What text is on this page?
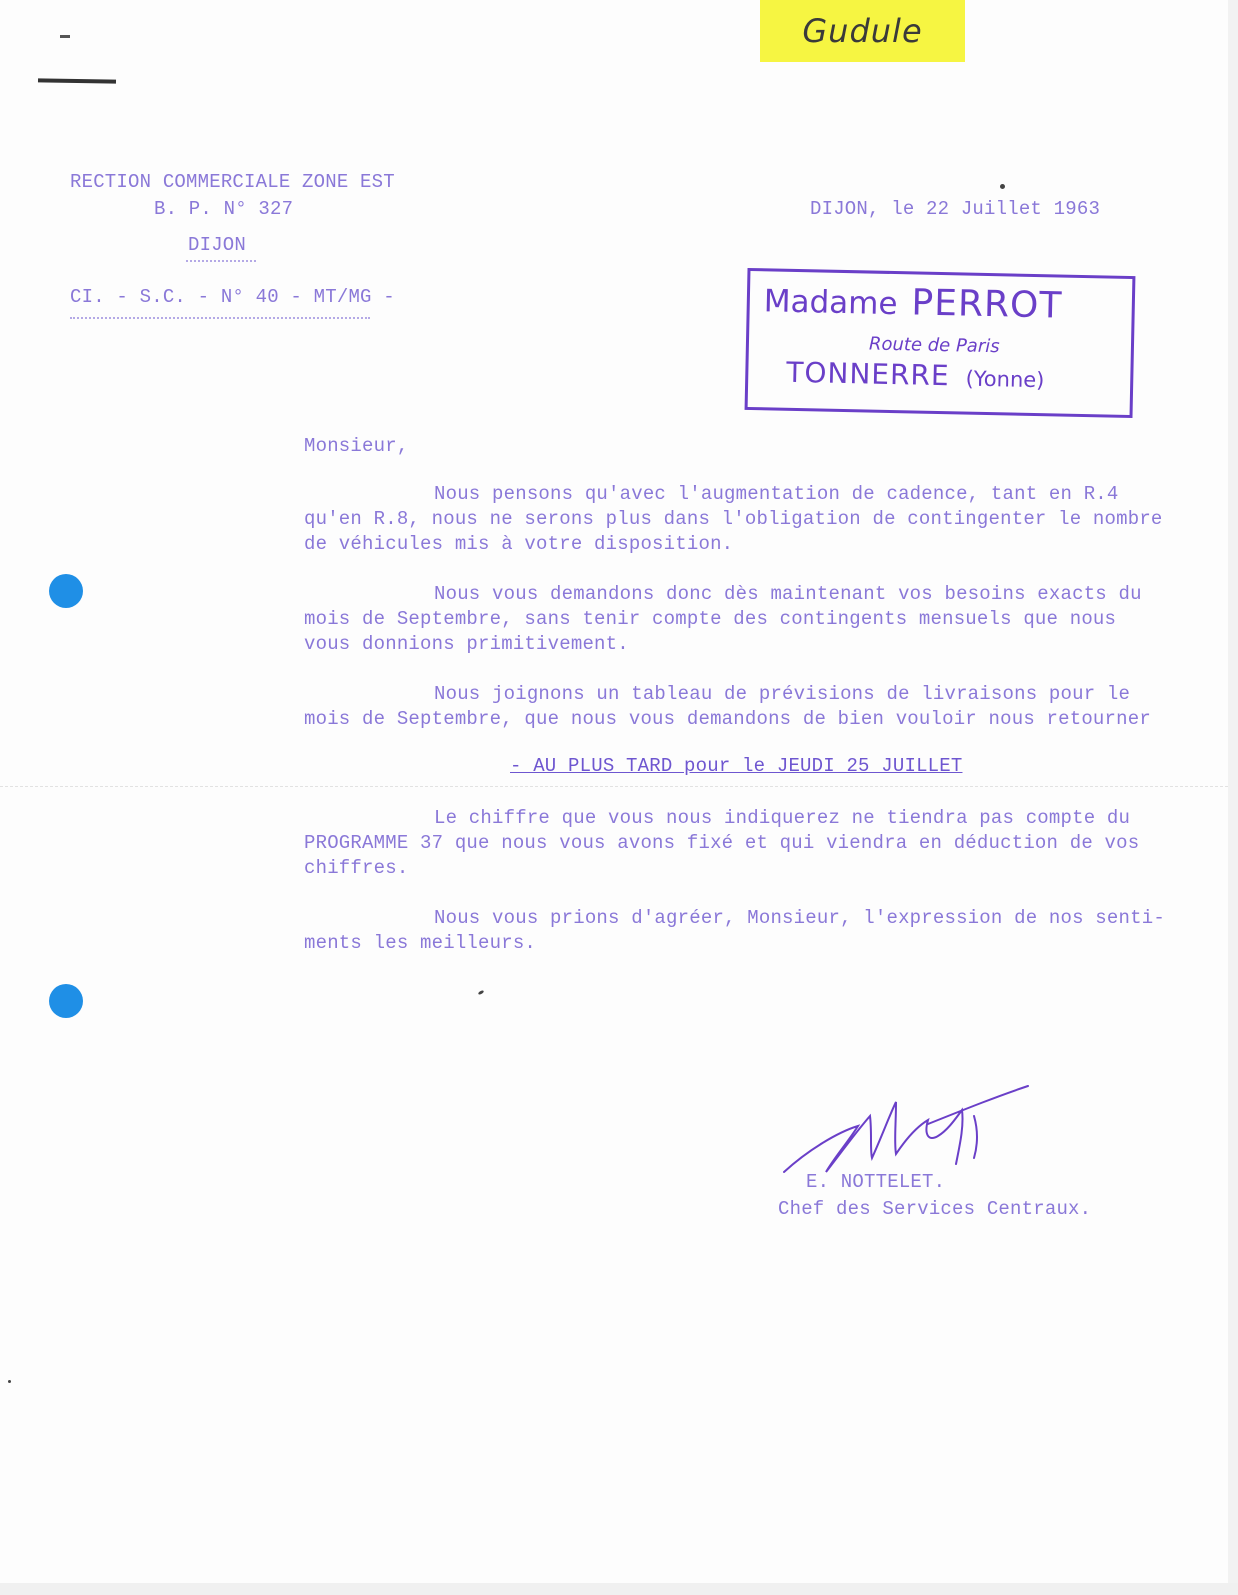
Gudule
RECTION COMMERCIALE ZONE EST
B. P. N° 327
DIJON
CI. - S.C. - N° 40 - MT/MG -
DIJON, le 22 Juillet 1963
Madame PERROT
Route de Paris
TONNERRE (Yonne)
Monsieur,
Nous pensons qu'avec l'augmentation de cadence, tant en R.4
qu'en R.8, nous ne serons plus dans l'obligation de contingenter le nombre
de véhicules mis à votre disposition.
Nous vous demandons donc dès maintenant vos besoins exacts du
mois de Septembre, sans tenir compte des contingents mensuels que nous
vous donnions primitivement.
Nous joignons un tableau de prévisions de livraisons pour le
mois de Septembre, que nous vous demandons de bien vouloir nous retourner
- AU PLUS TARD pour le JEUDI 25 JUILLET
Le chiffre que vous nous indiquerez ne tiendra pas compte du
PROGRAMME 37 que nous vous avons fixé et qui viendra en déduction de vos
chiffres.
Nous vous prions d'agréer, Monsieur, l'expression de nos senti-
ments les meilleurs.
E. NOTTELET.
Chef des Services Centraux.
